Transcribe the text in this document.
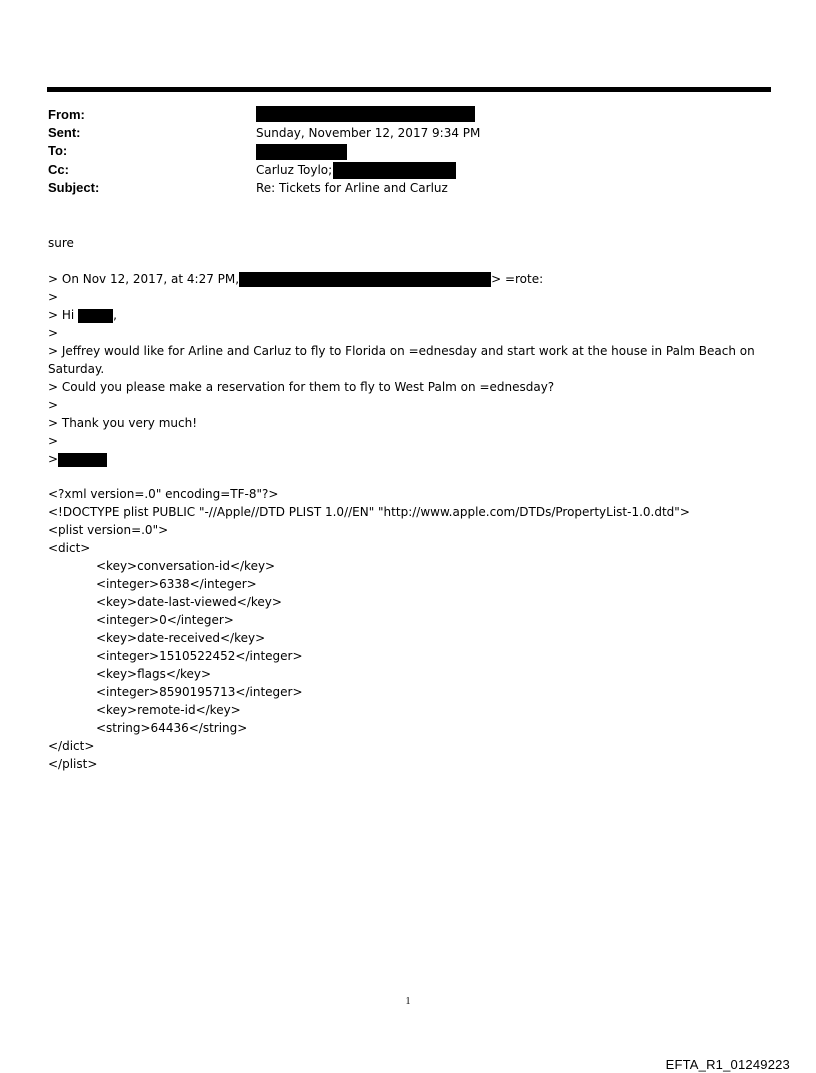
From:
Sent:	Sunday, November 12, 2017 9:34 PM
To:
Cc:	Carluz Toylo;
Subject:	Re: Tickets for Arline and Carluz
sure
> On Nov 12, 2017, at 4:27 PM,	> =rote:
>
> Hi	,
>
> Jeffrey would like for Arline and Carluz to fly to Florida on =ednesday and start work at the house in Palm Beach on Saturday.
> Could you please make a reservation for them to fly to West Palm on =ednesday?
>
> Thank you very much!
>
>
<?xml version=.0" encoding=TF-8"?>
<!DOCTYPE plist PUBLIC "-//Apple//DTD PLIST 1.0//EN" "http://www.apple.com/DTDs/PropertyList-1.0.dtd">
<plist version=.0">
<dict>
<key>conversation-id</key>
<integer>6338</integer>
<key>date-last-viewed</key>
<integer>0</integer>
<key>date-received</key>
<integer>1510522452</integer>
<key>flags</key>
<integer>8590195713</integer>
<key>remote-id</key>
<string>64436</string>
</dict>
</plist>
1
EFTA_R1_01249223
